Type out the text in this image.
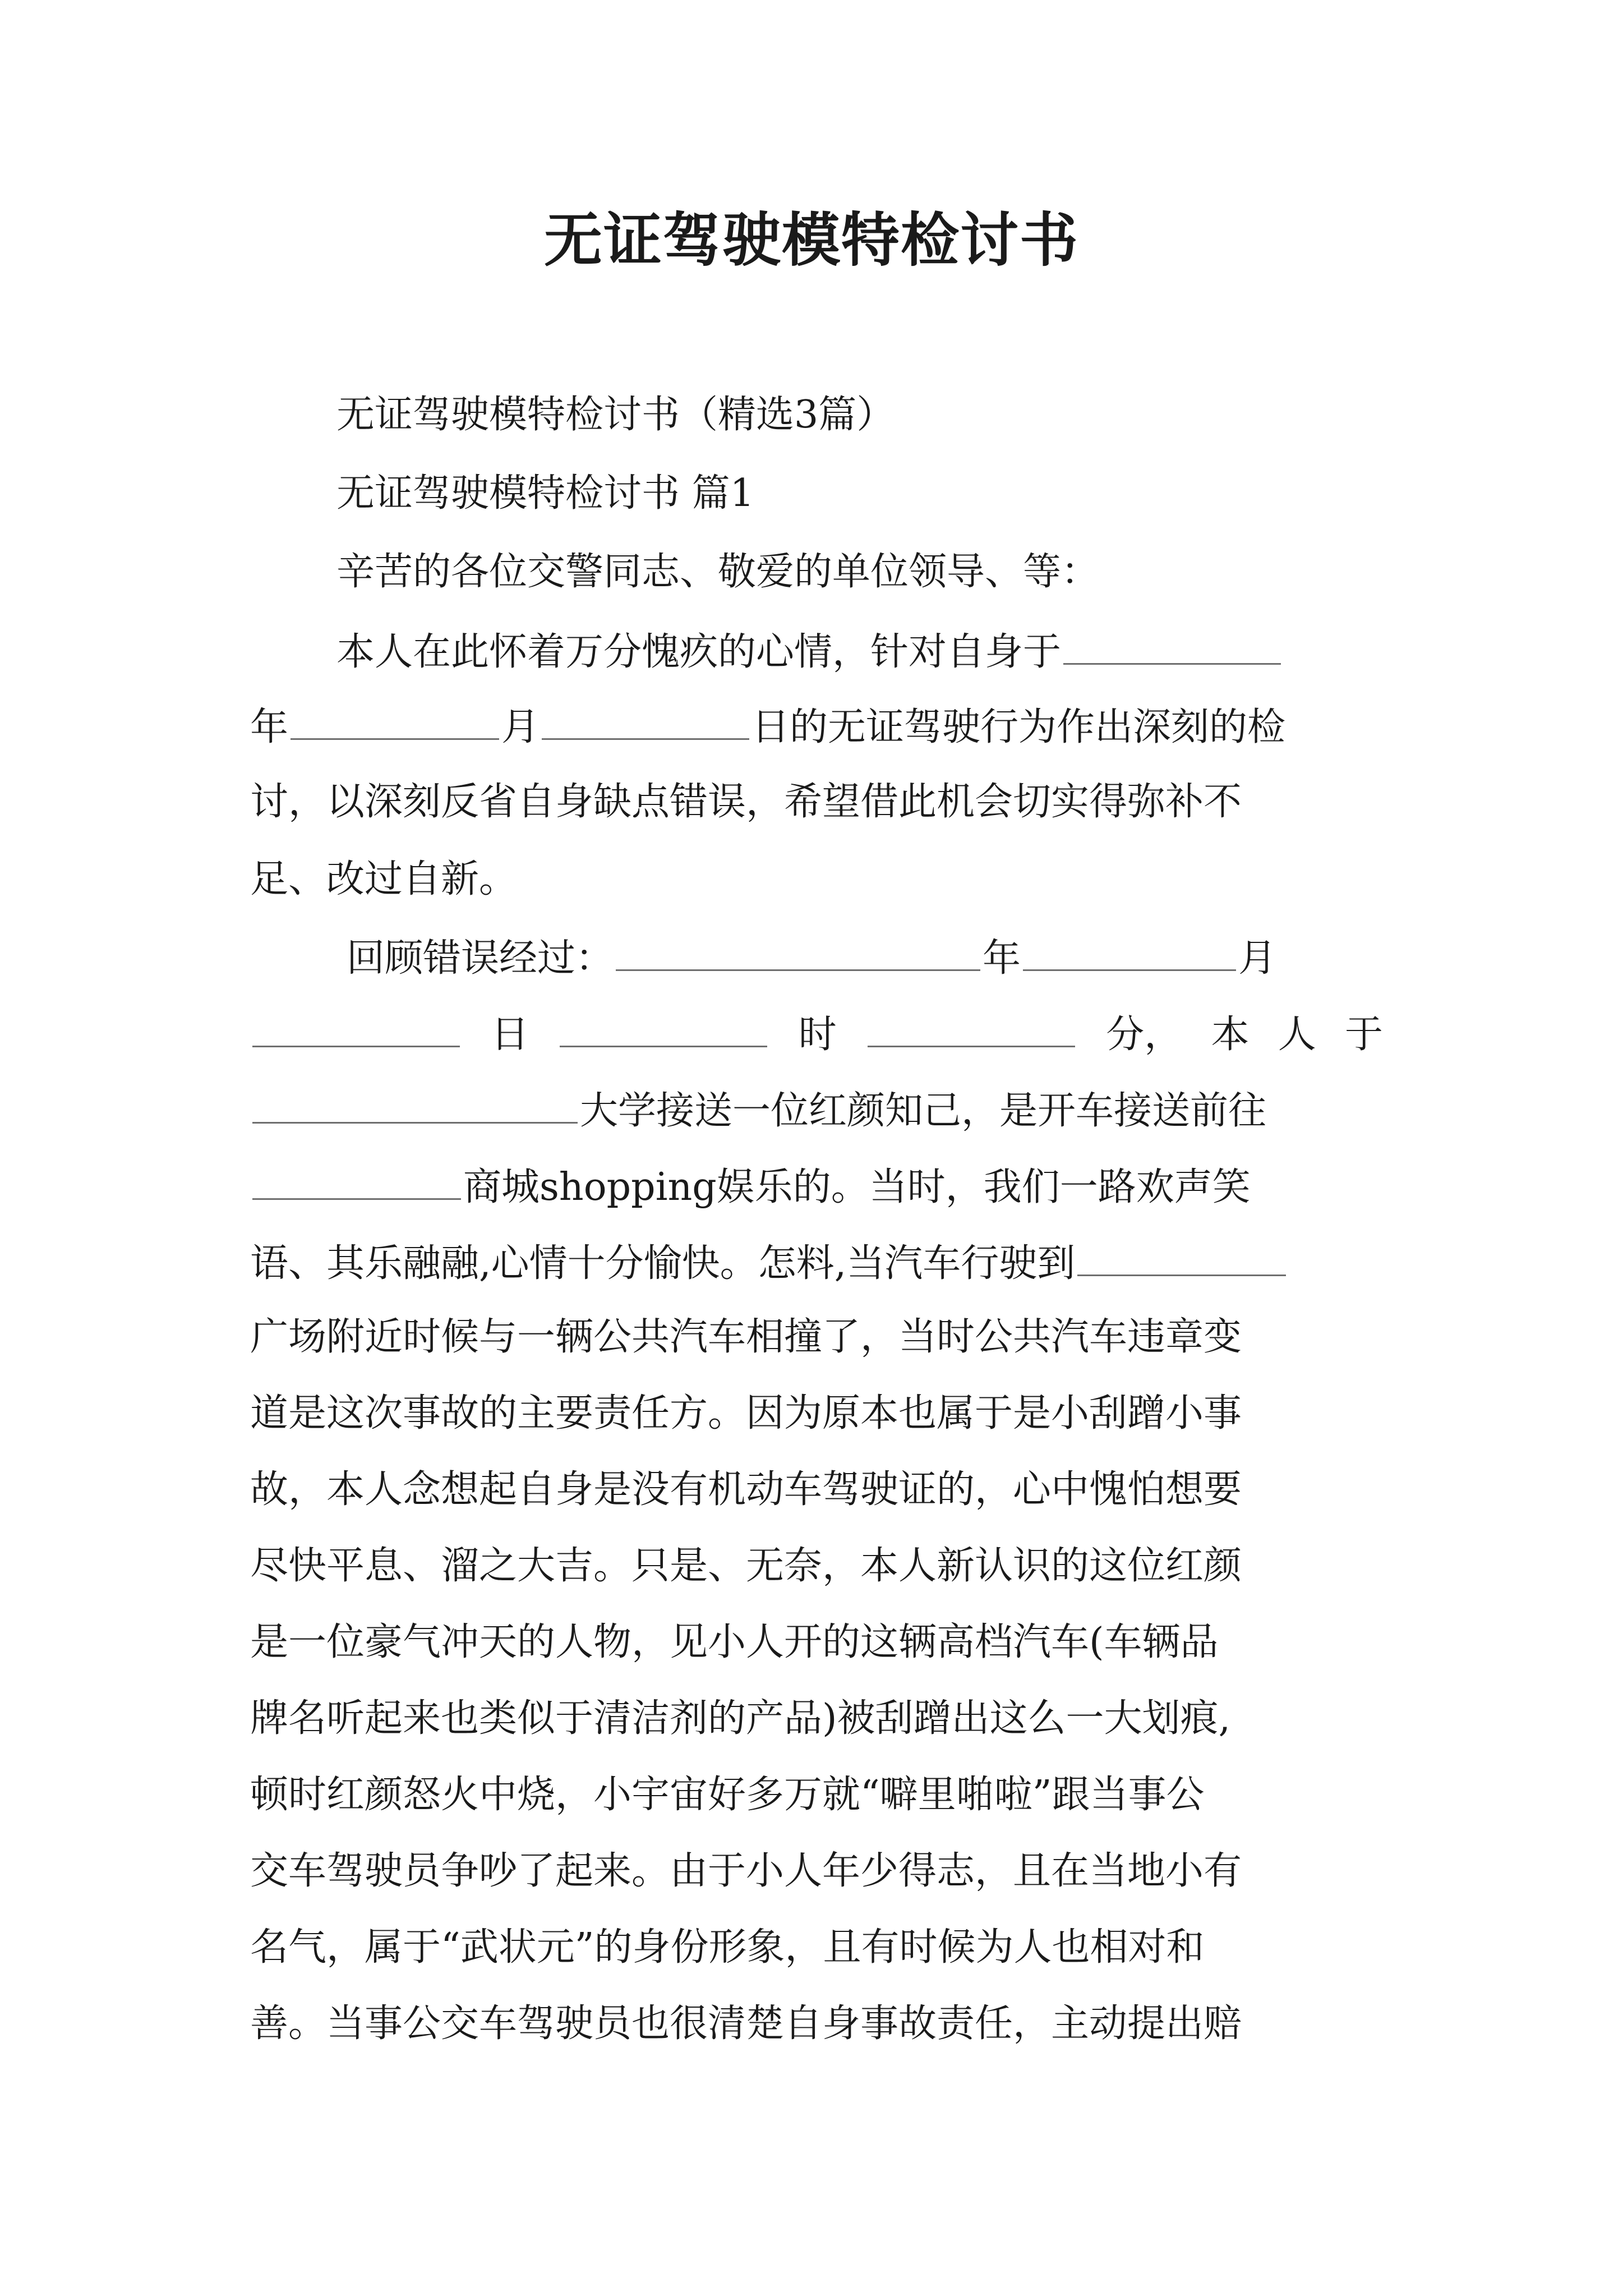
无证驾驶模特检讨书
无证驾驶模特检讨书（精选3篇）
无证驾驶模特检讨书 篇1
辛苦的各位交警同志、敬爱的单位领导、等：
本人在此怀着万分愧疚的心情，针对自身于
年	月	日的无证驾驶行为作出深刻的检
讨，以深刻反省自身缺点错误，希望借此机会切实得弥补不
足、改过自新。
回顾错误经过：	年	月
日	时	分， 本 人 于
大学接送一位红颜知己，是开车接送前往
商城shopping娱乐的。当时，我们一路欢声笑
语、其乐融融,心情十分愉快。怎料,当汽车行驶到
广场附近时候与一辆公共汽车相撞了，当时公共汽车违章变
道是这次事故的主要责任方。因为原本也属于是小刮蹭小事
故，本人念想起自身是没有机动车驾驶证的，心中愧怕想要
尽快平息、溜之大吉。只是、无奈，本人新认识的这位红颜
是一位豪气冲天的人物，见小人开的这辆高档汽车(车辆品
牌名听起来也类似于清洁剂的产品)被刮蹭出这么一大划痕,
顿时红颜怒火中烧，小宇宙好多万就“噼里啪啦”跟当事公
交车驾驶员争吵了起来。由于小人年少得志，且在当地小有
名气，属于“武状元”的身份形象，且有时候为人也相对和
善。当事公交车驾驶员也很清楚自身事故责任，主动提出赔
